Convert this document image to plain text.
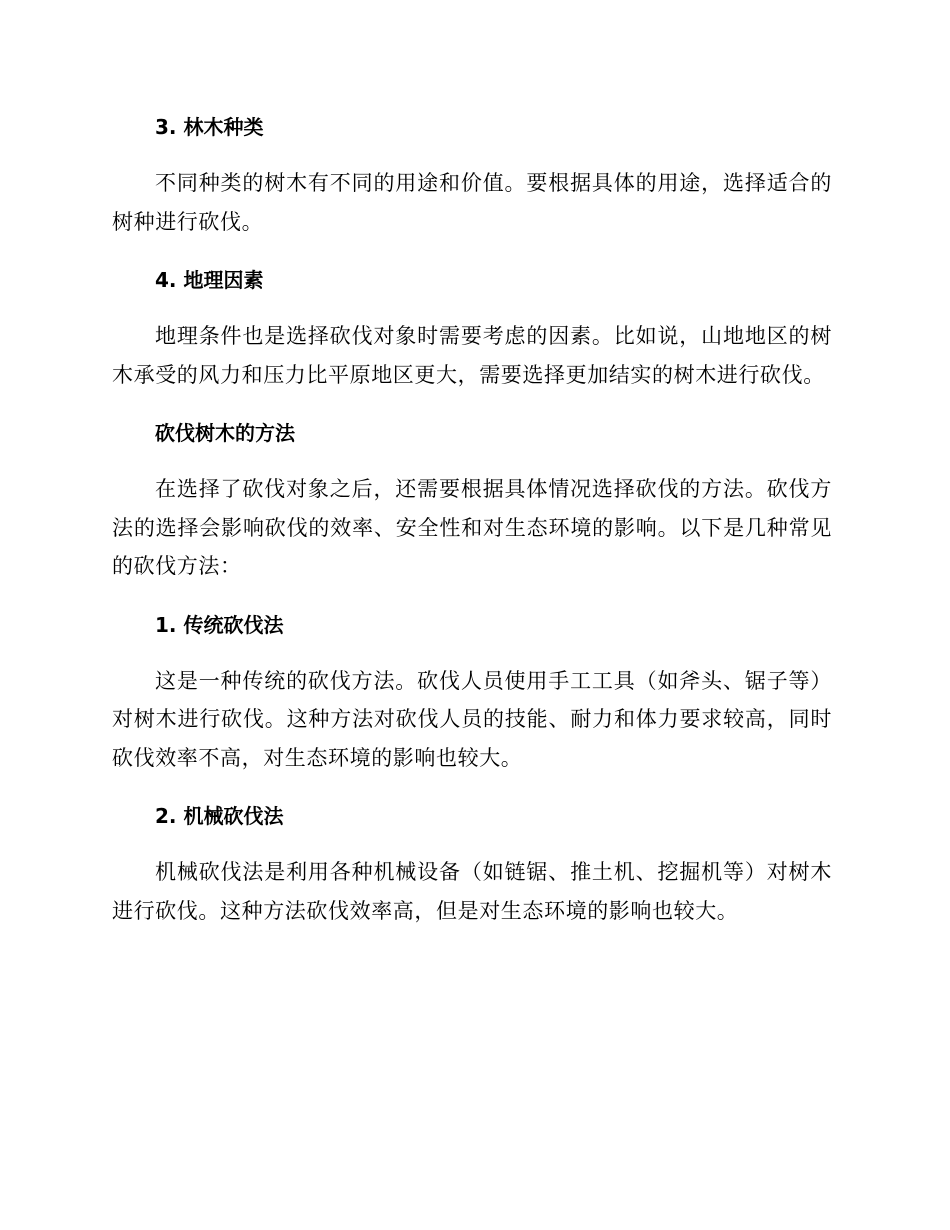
3. 林木种类

不同种类的树木有不同的用途和价值。要根据具体的用途，选择适合的树种进行砍伐。

4. 地理因素

地理条件也是选择砍伐对象时需要考虑的因素。比如说，山地地区的树木承受的风力和压力比平原地区更大，需要选择更加结实的树木进行砍伐。

砍伐树木的方法

在选择了砍伐对象之后，还需要根据具体情况选择砍伐的方法。砍伐方法的选择会影响砍伐的效率、安全性和对生态环境的影响。以下是几种常见的砍伐方法：

1. 传统砍伐法

这是一种传统的砍伐方法。砍伐人员使用手工工具（如斧头、锯子等）对树木进行砍伐。这种方法对砍伐人员的技能、耐力和体力要求较高，同时砍伐效率不高，对生态环境的影响也较大。

2. 机械砍伐法

机械砍伐法是利用各种机械设备（如链锯、推土机、挖掘机等）对树木进行砍伐。这种方法砍伐效率高，但是对生态环境的影响也较大。
